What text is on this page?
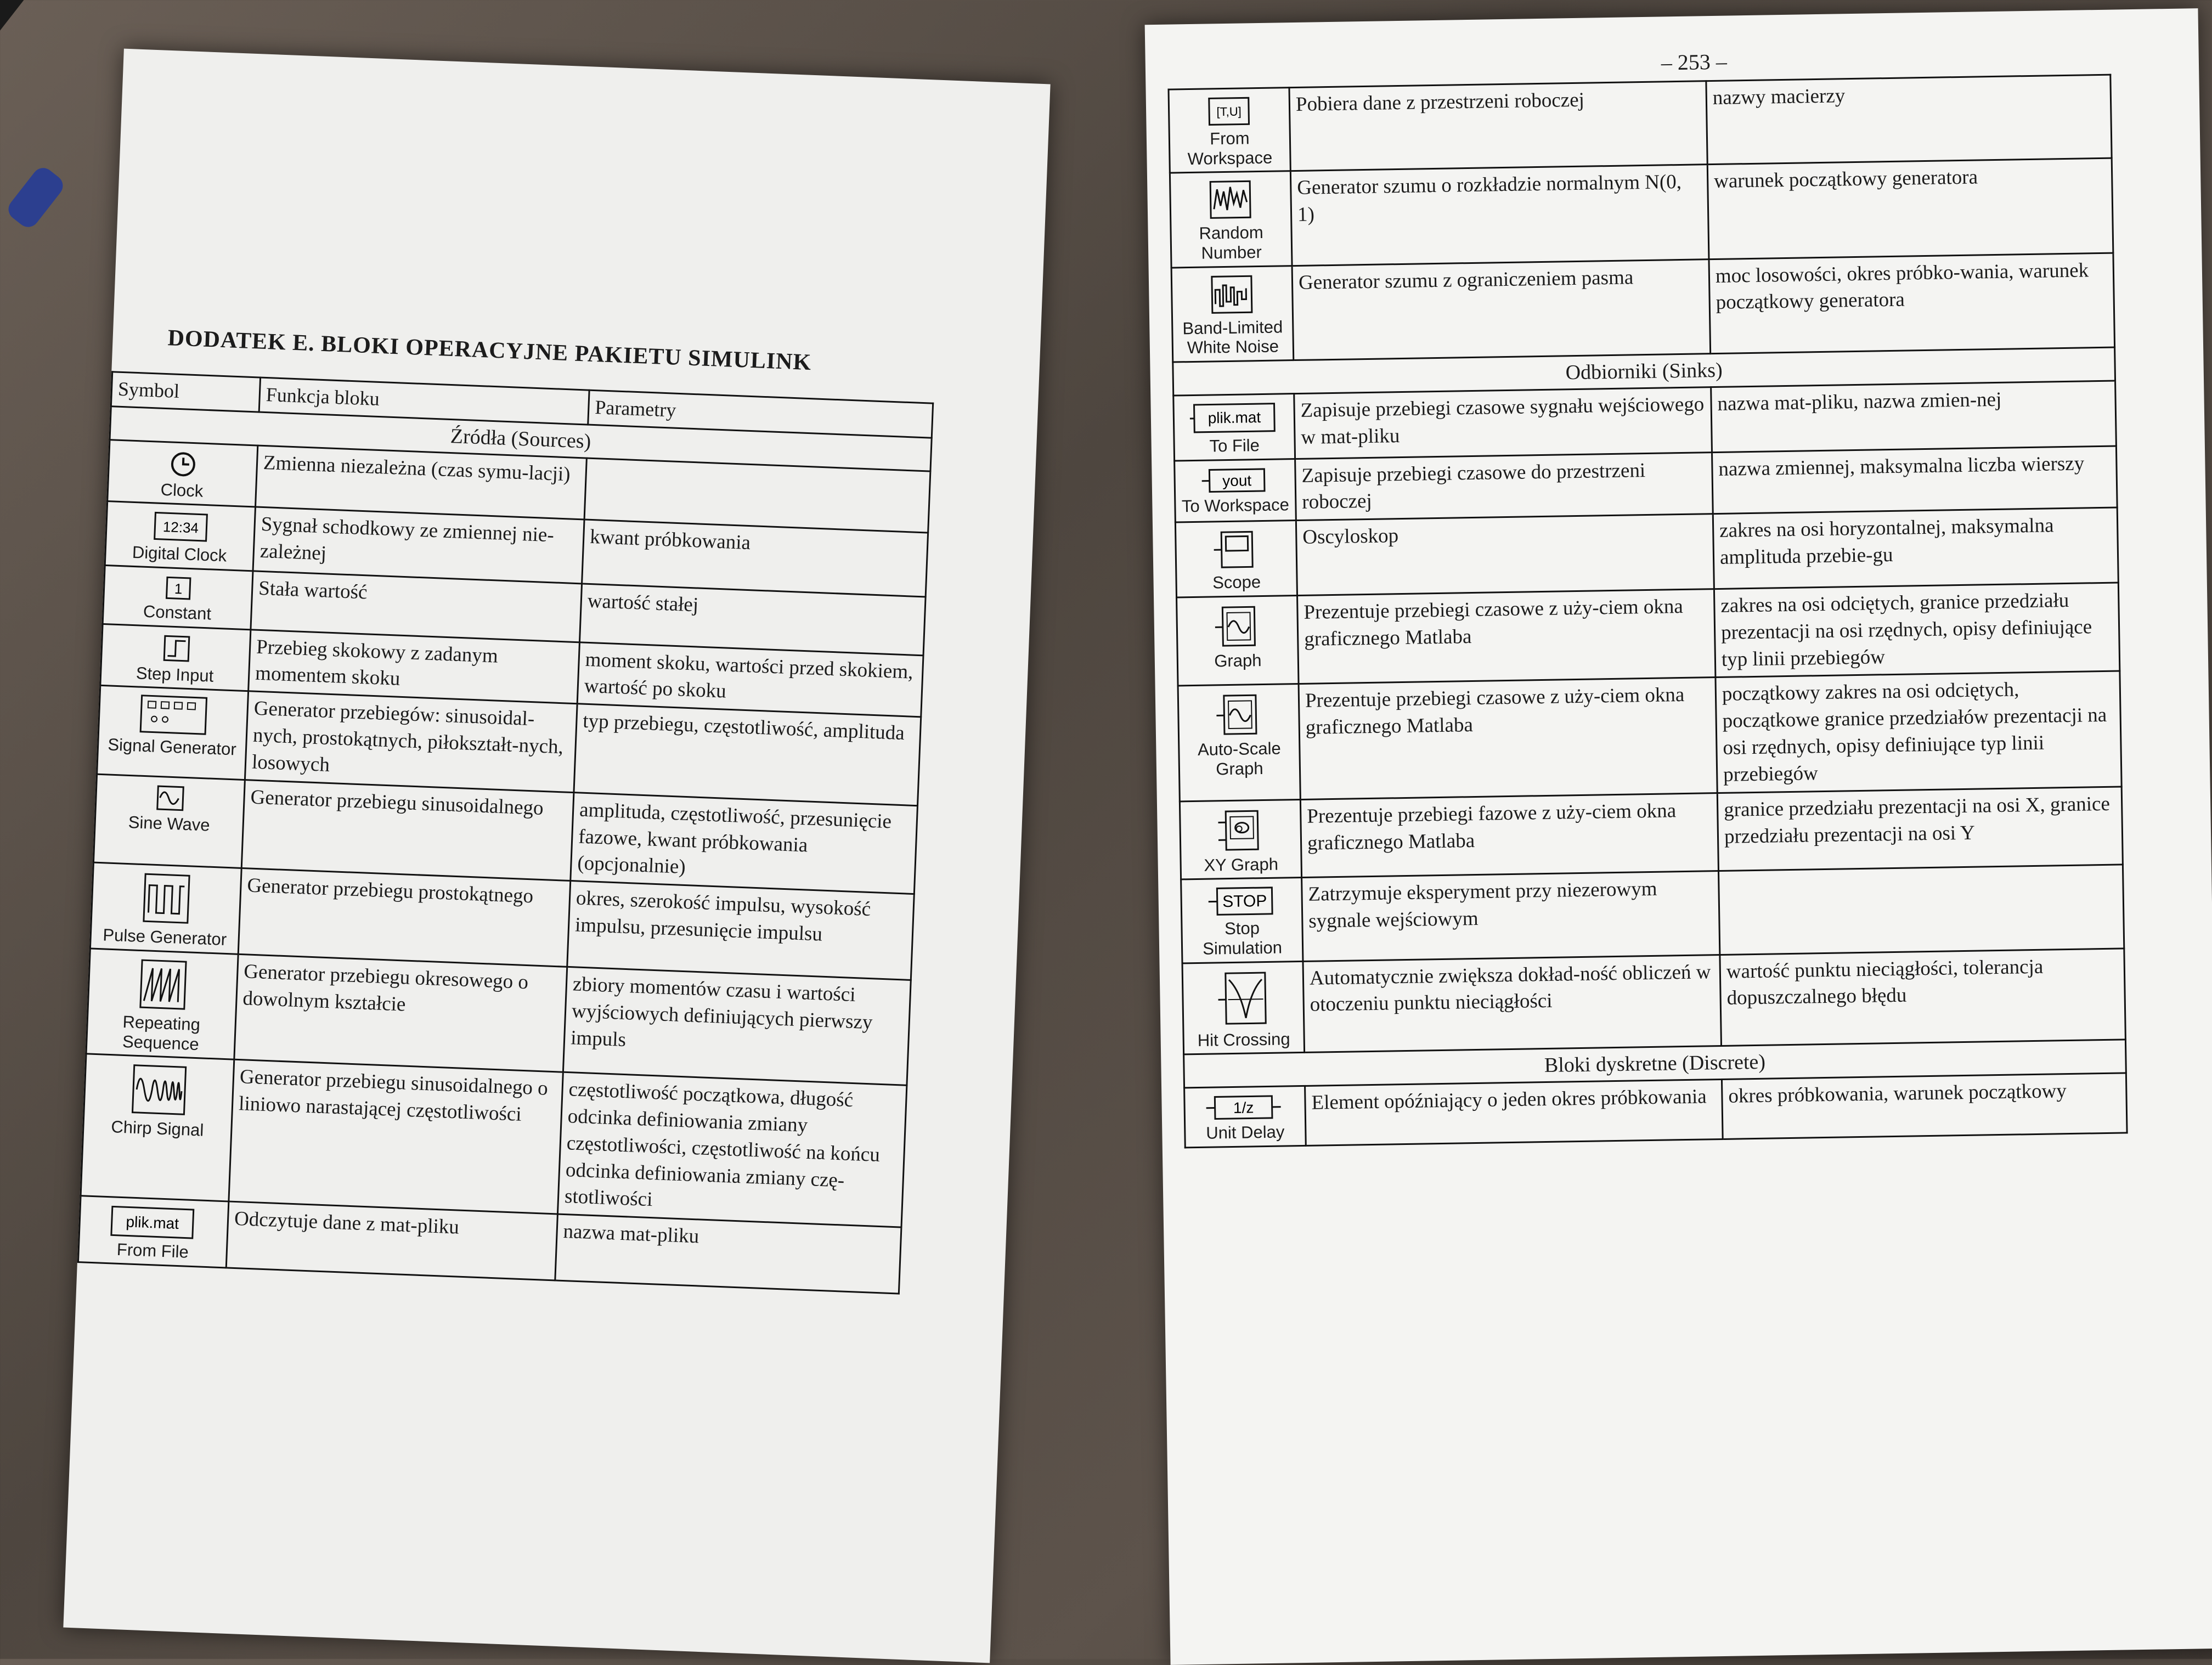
DODATEK E. BLOKI OPERACYJNE PAKIETU SIMULINK
Symbol	Funkcja bloku	Parametry
Źródła (Sources)		

Clock	Zmienna niezależna (czas symu-lacji)	

12:34
Digital Clock	Sygnał schodkowy ze zmiennej nie-zależnej	kwant próbkowania

1
Constant	Stała wartość	wartość stałej

Step Input	Przebieg skokowy z zadanym momentem skoku	moment skoku, wartości przed skokiem, wartość po skoku

Signal Generator	Generator przebiegów: sinusoidal-nych, prostokątnych, piłokształt-nych, losowych	typ przebiegu, częstotliwość, amplituda

Sine Wave	Generator przebiegu sinusoidalnego	amplituda, częstotliwość, przesunięcie fazowe, kwant próbkowania (opcjonalnie)

Pulse Generator	Generator przebiegu prostokątnego	okres, szerokość impulsu, wysokość impulsu, przesunięcie impulsu

Repeating Sequence	Generator przebiegu okresowego o dowolnym kształcie	zbiory momentów czasu i wartości wyjściowych definiujących pierwszy impuls

Chirp Signal	Generator przebiegu sinusoidalnego o liniowo narastającej częstotliwości	częstotliwość początkowa, długość odcinka definiowania zmiany częstotliwości, częstotliwość na końcu odcinka definiowania zmiany czę-stotliwości

plik.mat
From File	Odczytuje dane z mat-pliku	nazwa mat-pliku
– 253 –
[T,U]
From Workspace	Pobiera dane z przestrzeni roboczej	nazwy macierzy

Random Number	Generator szumu o rozkładzie normalnym N(0, 1)	warunek początkowy generatora

Band-Limited White Noise	Generator szumu z ograniczeniem pasma	moc losowości, okres próbko-wania, warunek początkowy generatora
Odbiorniki (Sinks)		

plik.mat
To File	Zapisuje przebiegi czasowe sygnału wejściowego w mat-pliku	nazwa mat-pliku, nazwa zmien-nej

yout
To Workspace	Zapisuje przebiegi czasowe do przestrzeni roboczej	nazwa zmiennej, maksymalna liczba wierszy

Scope	Oscyloskop	zakres na osi horyzontalnej, maksymalna amplituda przebie-gu

Graph	Prezentuje przebiegi czasowe z uży-ciem okna graficznego Matlaba	zakres na osi odciętych, granice przedziału prezentacji na osi rzędnych, opisy definiujące typ linii przebiegów

Auto-Scale Graph	Prezentuje przebiegi czasowe z uży-ciem okna graficznego Matlaba	początkowy zakres na osi odciętych, początkowe granice przedziałów prezentacji na osi rzędnych, opisy definiujące typ linii przebiegów

XY Graph	Prezentuje przebiegi fazowe z uży-ciem okna graficznego Matlaba	granice przedziału prezentacji na osi X, granice przedziału prezentacji na osi Y

STOP
Stop Simulation	Zatrzymuje eksperyment przy niezerowym sygnale wejściowym	

Hit Crossing	Automatycznie zwiększa dokład-ność obliczeń w otoczeniu punktu nieciągłości	wartość punktu nieciągłości, tolerancja dopuszczalnego błędu
Bloki dyskretne (Discrete)		

1/z
Unit Delay	Element opóźniający o jeden okres próbkowania	okres próbkowania, warunek początkowy
